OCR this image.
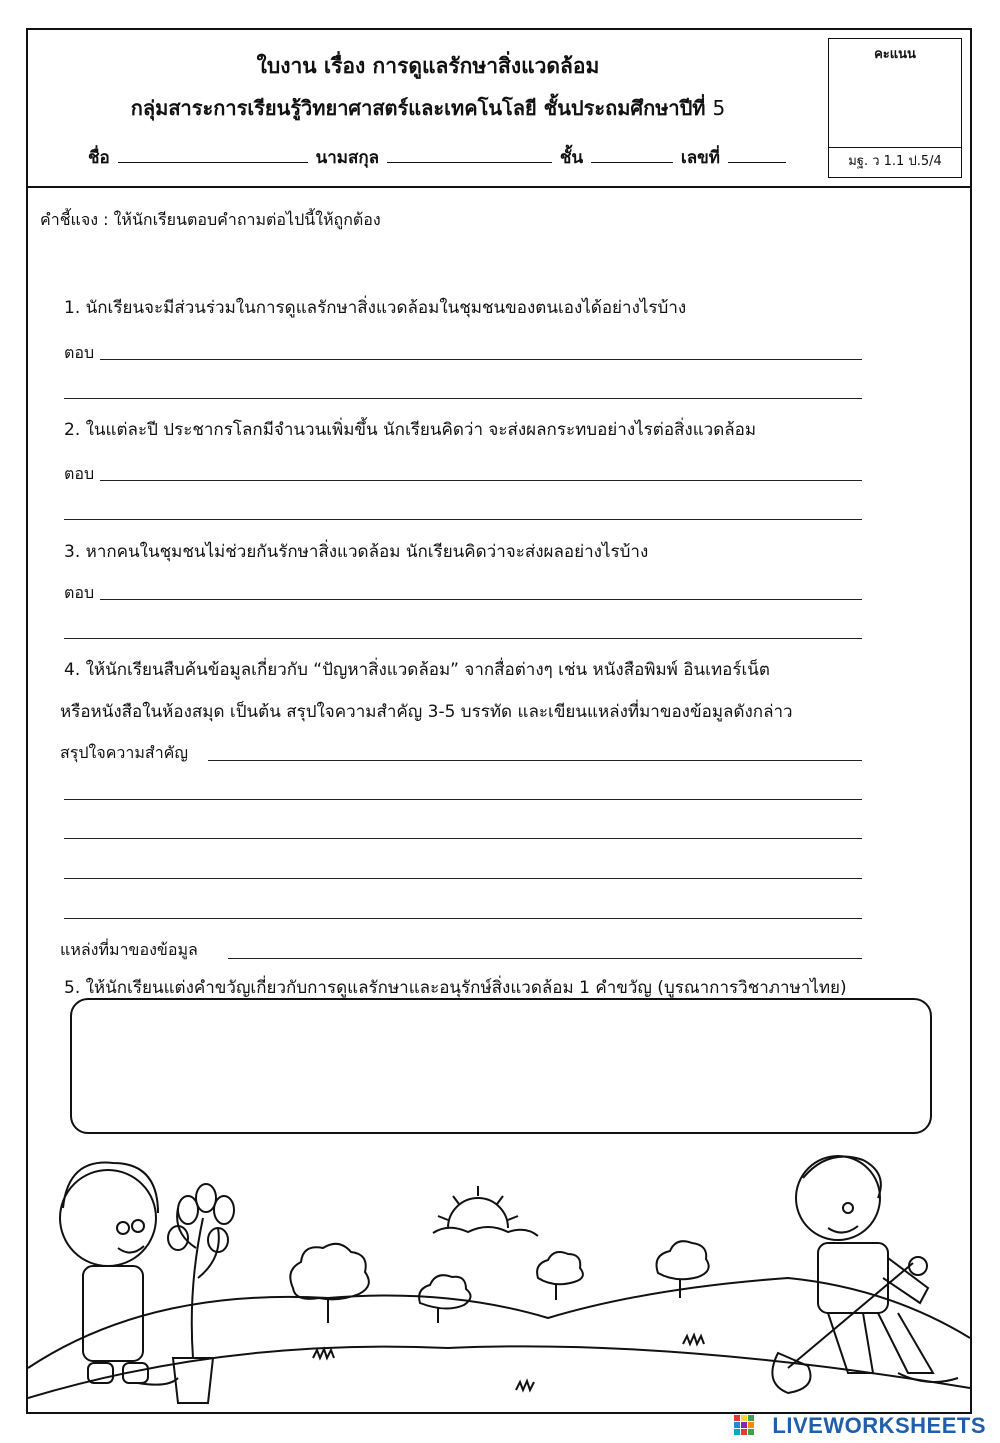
ใบงาน เรื่อง การดูแลรักษาสิ่งแวดล้อม
กลุ่มสาระการเรียนรู้วิทยาศาสตร์และเทคโนโลยี ชั้นประถมศึกษาปีที่ 5
ชื่อ	นามสกุล	ชั้น	เลขที่
คะแนน
มฐ. ว 1.1 ป.5/4
คำชี้แจง : ให้นักเรียนตอบคำถามต่อไปนี้ให้ถูกต้อง
1. นักเรียนจะมีส่วนร่วมในการดูแลรักษาสิ่งแวดล้อมในชุมชนของตนเองได้อย่างไรบ้าง
ตอบ
2. ในแต่ละปี ประชากรโลกมีจำนวนเพิ่มขึ้น นักเรียนคิดว่า จะส่งผลกระทบอย่างไรต่อสิ่งแวดล้อม
ตอบ
3. หากคนในชุมชนไม่ช่วยกันรักษาสิ่งแวดล้อม นักเรียนคิดว่าจะส่งผลอย่างไรบ้าง
ตอบ
4. ให้นักเรียนสืบค้นข้อมูลเกี่ยวกับ “ปัญหาสิ่งแวดล้อม” จากสื่อต่างๆ เช่น หนังสือพิมพ์ อินเทอร์เน็ต
หรือหนังสือในห้องสมุด เป็นต้น สรุปใจความสำคัญ 3-5 บรรทัด และเขียนแหล่งที่มาของข้อมูลดังกล่าว
สรุปใจความสำคัญ
แหล่งที่มาของข้อมูล
5. ให้นักเรียนแต่งคำขวัญเกี่ยวกับการดูแลรักษาและอนุรักษ์สิ่งแวดล้อม 1 คำขวัญ (บูรณาการวิชาภาษาไทย)
LIVEWORKSHEETS
